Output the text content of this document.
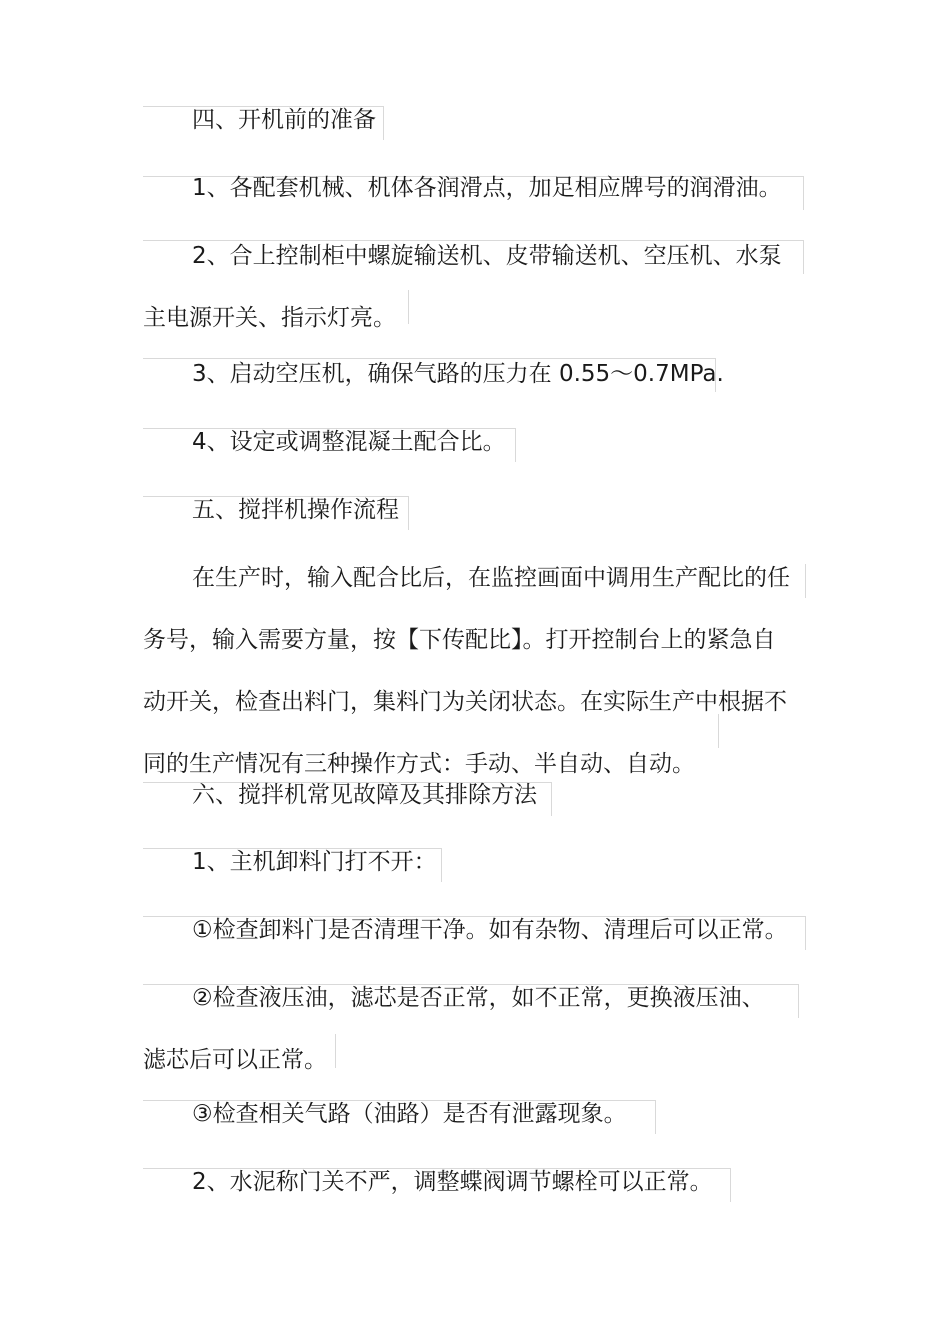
四、开机前的准备
1、各配套机械、机体各润滑点，加足相应牌号的润滑油。
2、合上控制柜中螺旋输送机、皮带输送机、空压机、水泵
主电源开关、指示灯亮。
3、启动空压机，确保气路的压力在 0.55～0.7MPa.
4、设定或调整混凝土配合比。
五、搅拌机操作流程
在生产时，输入配合比后，在监控画面中调用生产配比的任
务号，输入需要方量，按【下传配比】。打开控制台上的紧急自
动开关，检查出料门，集料门为关闭状态。在实际生产中根据不
同的生产情况有三种操作方式：手动、半自动、自动。
六、搅拌机常见故障及其排除方法
1、主机卸料门打不开：
①检查卸料门是否清理干净。如有杂物、清理后可以正常。
②检查液压油，滤芯是否正常，如不正常，更换液压油、
滤芯后可以正常。
③检查相关气路（油路）是否有泄露现象。
2、水泥称门关不严，调整蝶阀调节螺栓可以正常。
